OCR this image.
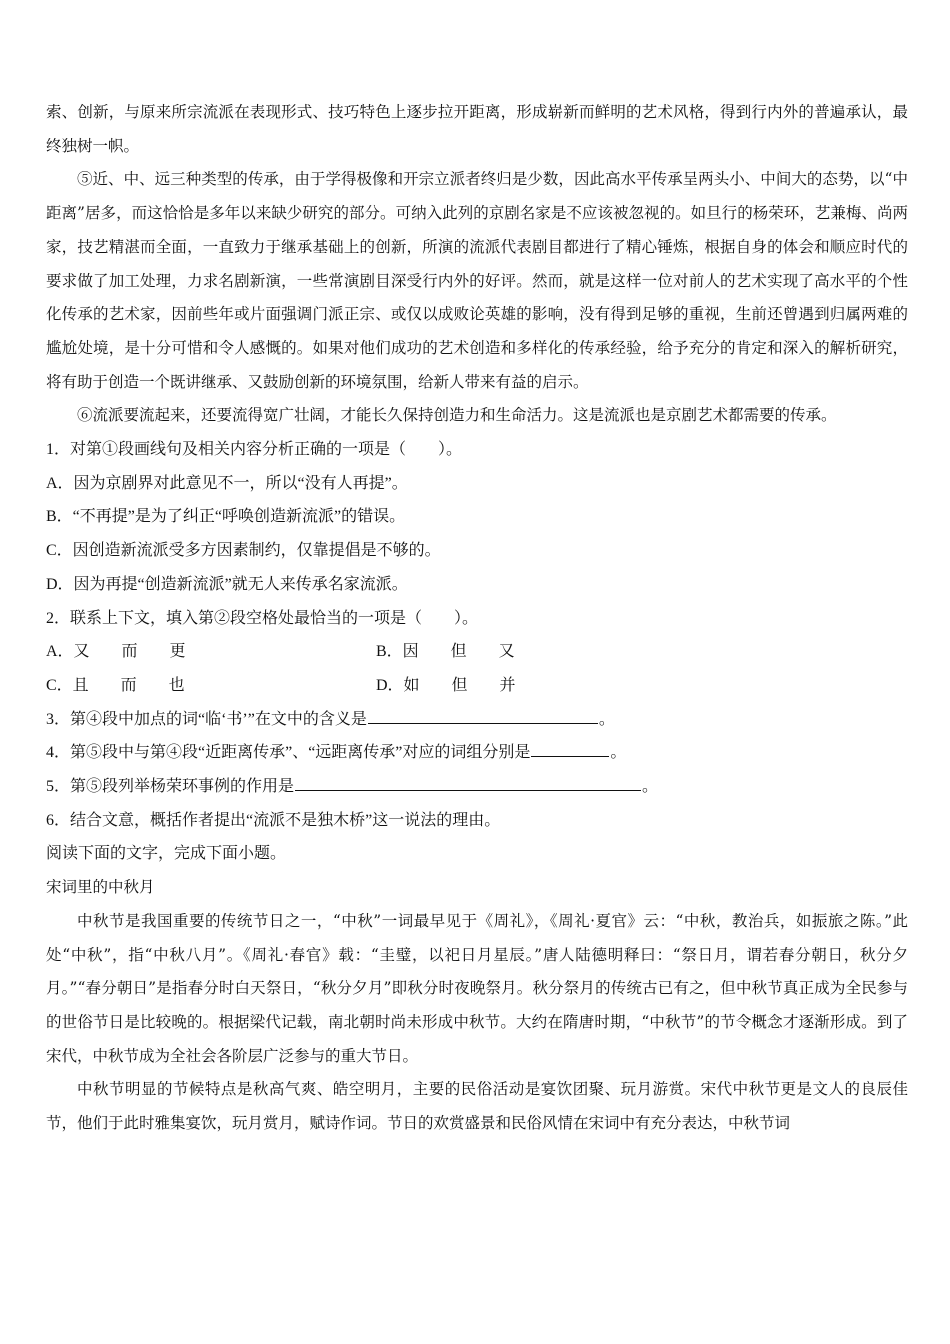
索、创新，与原来所宗流派在表现形式、技巧特色上逐步拉开距离，形成崭新而鲜明的艺术风格，得到行内外的普遍承认，最终独树一帜。

⑤近、中、远三种类型的传承，由于学得极像和开宗立派者终归是少数，因此高水平传承呈两头小、中间大的态势，以“中距离”居多，而这恰恰是多年以来缺少研究的部分。可纳入此列的京剧名家是不应该被忽视的。如旦行的杨荣环，艺兼梅、尚两家，技艺精湛而全面，一直致力于继承基础上的创新，所演的流派代表剧目都进行了精心锤炼，根据自身的体会和顺应时代的要求做了加工处理，力求名剧新演，一些常演剧目深受行内外的好评。然而，就是这样一位对前人的艺术实现了高水平的个性化传承的艺术家，因前些年或片面强调门派正宗、或仅以成败论英雄的影响，没有得到足够的重视，生前还曾遇到归属两难的尴尬处境，是十分可惜和令人感慨的。如果对他们成功的艺术创造和多样化的传承经验，给予充分的肯定和深入的解析研究，将有助于创造一个既讲继承、又鼓励创新的环境氛围，给新人带来有益的启示。

⑥流派要流起来，还要流得宽广壮阔，才能长久保持创造力和生命活力。这是流派也是京剧艺术都需要的传承。

1．对第①段画线句及相关内容分析正确的一项是（　　）。

A．因为京剧界对此意见不一，所以“没有人再提”。

B．“不再提”是为了纠正“呼唤创造新流派”的错误。

C．因创造新流派受多方因素制约，仅靠提倡是不够的。

D．因为再提“创造新流派”就无人来传承名家流派。

2．联系上下文，填入第②段空格处最恰当的一项是（　　）。

A．又　　而　　更	B．因　　但　　又
C．且　　而　　也	D．如　　但　　并

3．第④段中加点的词“临‘书’”在文中的含义是	。

4．第⑤段中与第④段“近距离传承”、“远距离传承”对应的词组分别是	。

5．第⑤段列举杨荣环事例的作用是	。

6．结合文意，概括作者提出“流派不是独木桥”这一说法的理由。

阅读下面的文字，完成下面小题。

宋词里的中秋月

中秋节是我国重要的传统节日之一，“中秋”一词最早见于《周礼》，《周礼·夏官》云：“中秋，教治兵，如振旅之陈。”此处“中秋”，指“中秋八月”。《周礼·春官》载：“圭璧，以祀日月星辰。”唐人陆德明释曰：“祭日月，谓若春分朝日，秋分夕月。”“春分朝日”是指春分时白天祭日，“秋分夕月”即秋分时夜晚祭月。秋分祭月的传统古已有之，但中秋节真正成为全民参与的世俗节日是比较晚的。根据梁代记载，南北朝时尚未形成中秋节。大约在隋唐时期，“中秋节”的节令概念才逐渐形成。到了宋代，中秋节成为全社会各阶层广泛参与的重大节日。

中秋节明显的节候特点是秋高气爽、皓空明月，主要的民俗活动是宴饮团聚、玩月游赏。宋代中秋节更是文人的良辰佳节，他们于此时雅集宴饮，玩月赏月，赋诗作词。节日的欢赏盛景和民俗风情在宋词中有充分表达，中秋节词
